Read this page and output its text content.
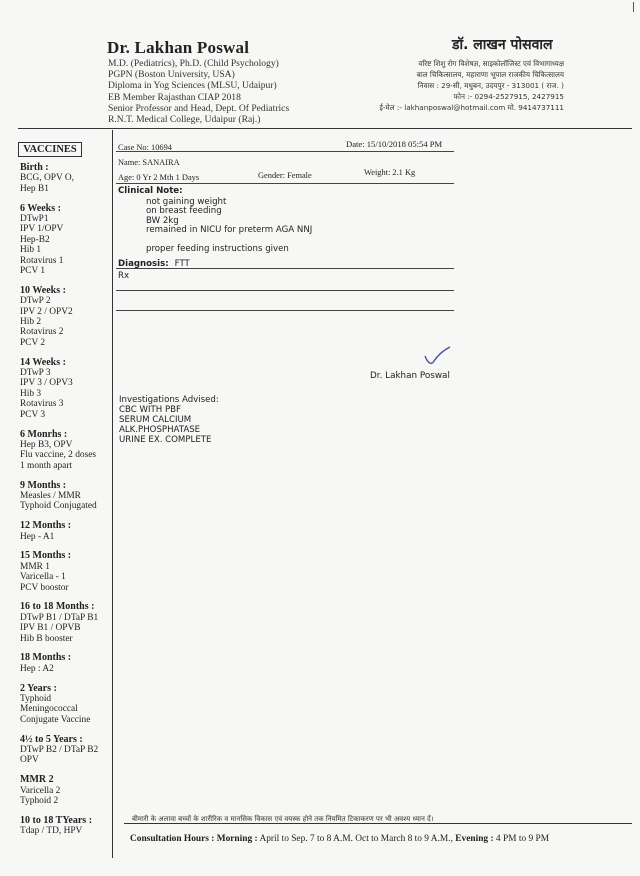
Dr. Lakhan Poswal
M.D. (Pediatrics), Ph.D. (Child Psychology)
PGPN (Boston University, USA)
Diploma in Yog Sciences (MLSU, Udaipur)
EB Member Rajasthan CIAP 2018
Senior Professor and Head, Dept. Of Pediatrics
R.N.T. Medical College, Udaipur (Raj.)
डॉ. लाखन पोसवाल
वरिष्ट शिशु रोग विशेषज्ञ, साइकोलॉजिस्ट एवं विभागाध्यक्ष
बाल चिकित्सालय, महाराणा भूपाल राजकीय चिकित्सालय
निवास : 29-सी, मधुबन, उदयपुर - 313001 ( राज. )
फोन :- 0294-2527915, 2427915
ई-मेल :- lakhanposwal@hotmail.com मो. 9414737111
VACCINES
Birth :
BCG, OPV O,
Hep B1
6 Weeks :
DTwP1
IPV 1/OPV
Hep-B2
Hib 1
Rotavirus 1
PCV 1
10 Weeks :
DTwP 2
IPV 2 / OPV2
Hib 2
Rotavirus 2
PCV 2
14 Weeks :
DTwP 3
IPV 3 / OPV3
Hib 3
Rotavirus 3
PCV 3
6 Monrhs :
Hep B3, OPV
Flu vaccine, 2 doses
1 month apart
9 Months :
Measles / MMR
Typhoid Conjugated
12 Months :
Hep - A1
15 Months :
MMR 1
Varicella - 1
PCV boostor
16 to 18 Months :
DTwP B1 / DTaP B1
IPV B1 / OPVB
Hib B booster
18 Months :
Hep : A2
2 Years :
Typhoid
Meningococcal
Conjugate Vaccine
4½ to 5 Years :
DTwP B2 / DTaP B2
OPV
MMR 2
Varicella 2
Typhoid 2
10 to 18 TYears :
Tdap / TD, HPV
Case No: 10694	Date: 15/10/2018 05:54 PM
Name: SANAIRA
Age: 0 Yr 2 Mth 1 Days	Gender: Female	Weight: 2.1 Kg
Clinical Note:
not gaining weight
on breast feeding
BW 2kg
remained in NICU for preterm AGA NNJ
proper feeding instructions given
Diagnosis: FTT
Rx
Dr. Lakhan Poswal
Investigations Advised:
CBC WITH PBF
SERUM CALCIUM
ALK.PHOSPHATASE
URINE EX. COMPLETE
बीमारी के अलावा बच्चों के शारीरिक व मानसिक विकास एवं वयस्क होने तक नियमित टिकाकरण पर भी अवश्य ध्यान दें।
Consultation Hours : Morning : April to Sep. 7 to 8 A.M. Oct to March 8 to 9 A.M., Evening : 4 PM to 9 PM
